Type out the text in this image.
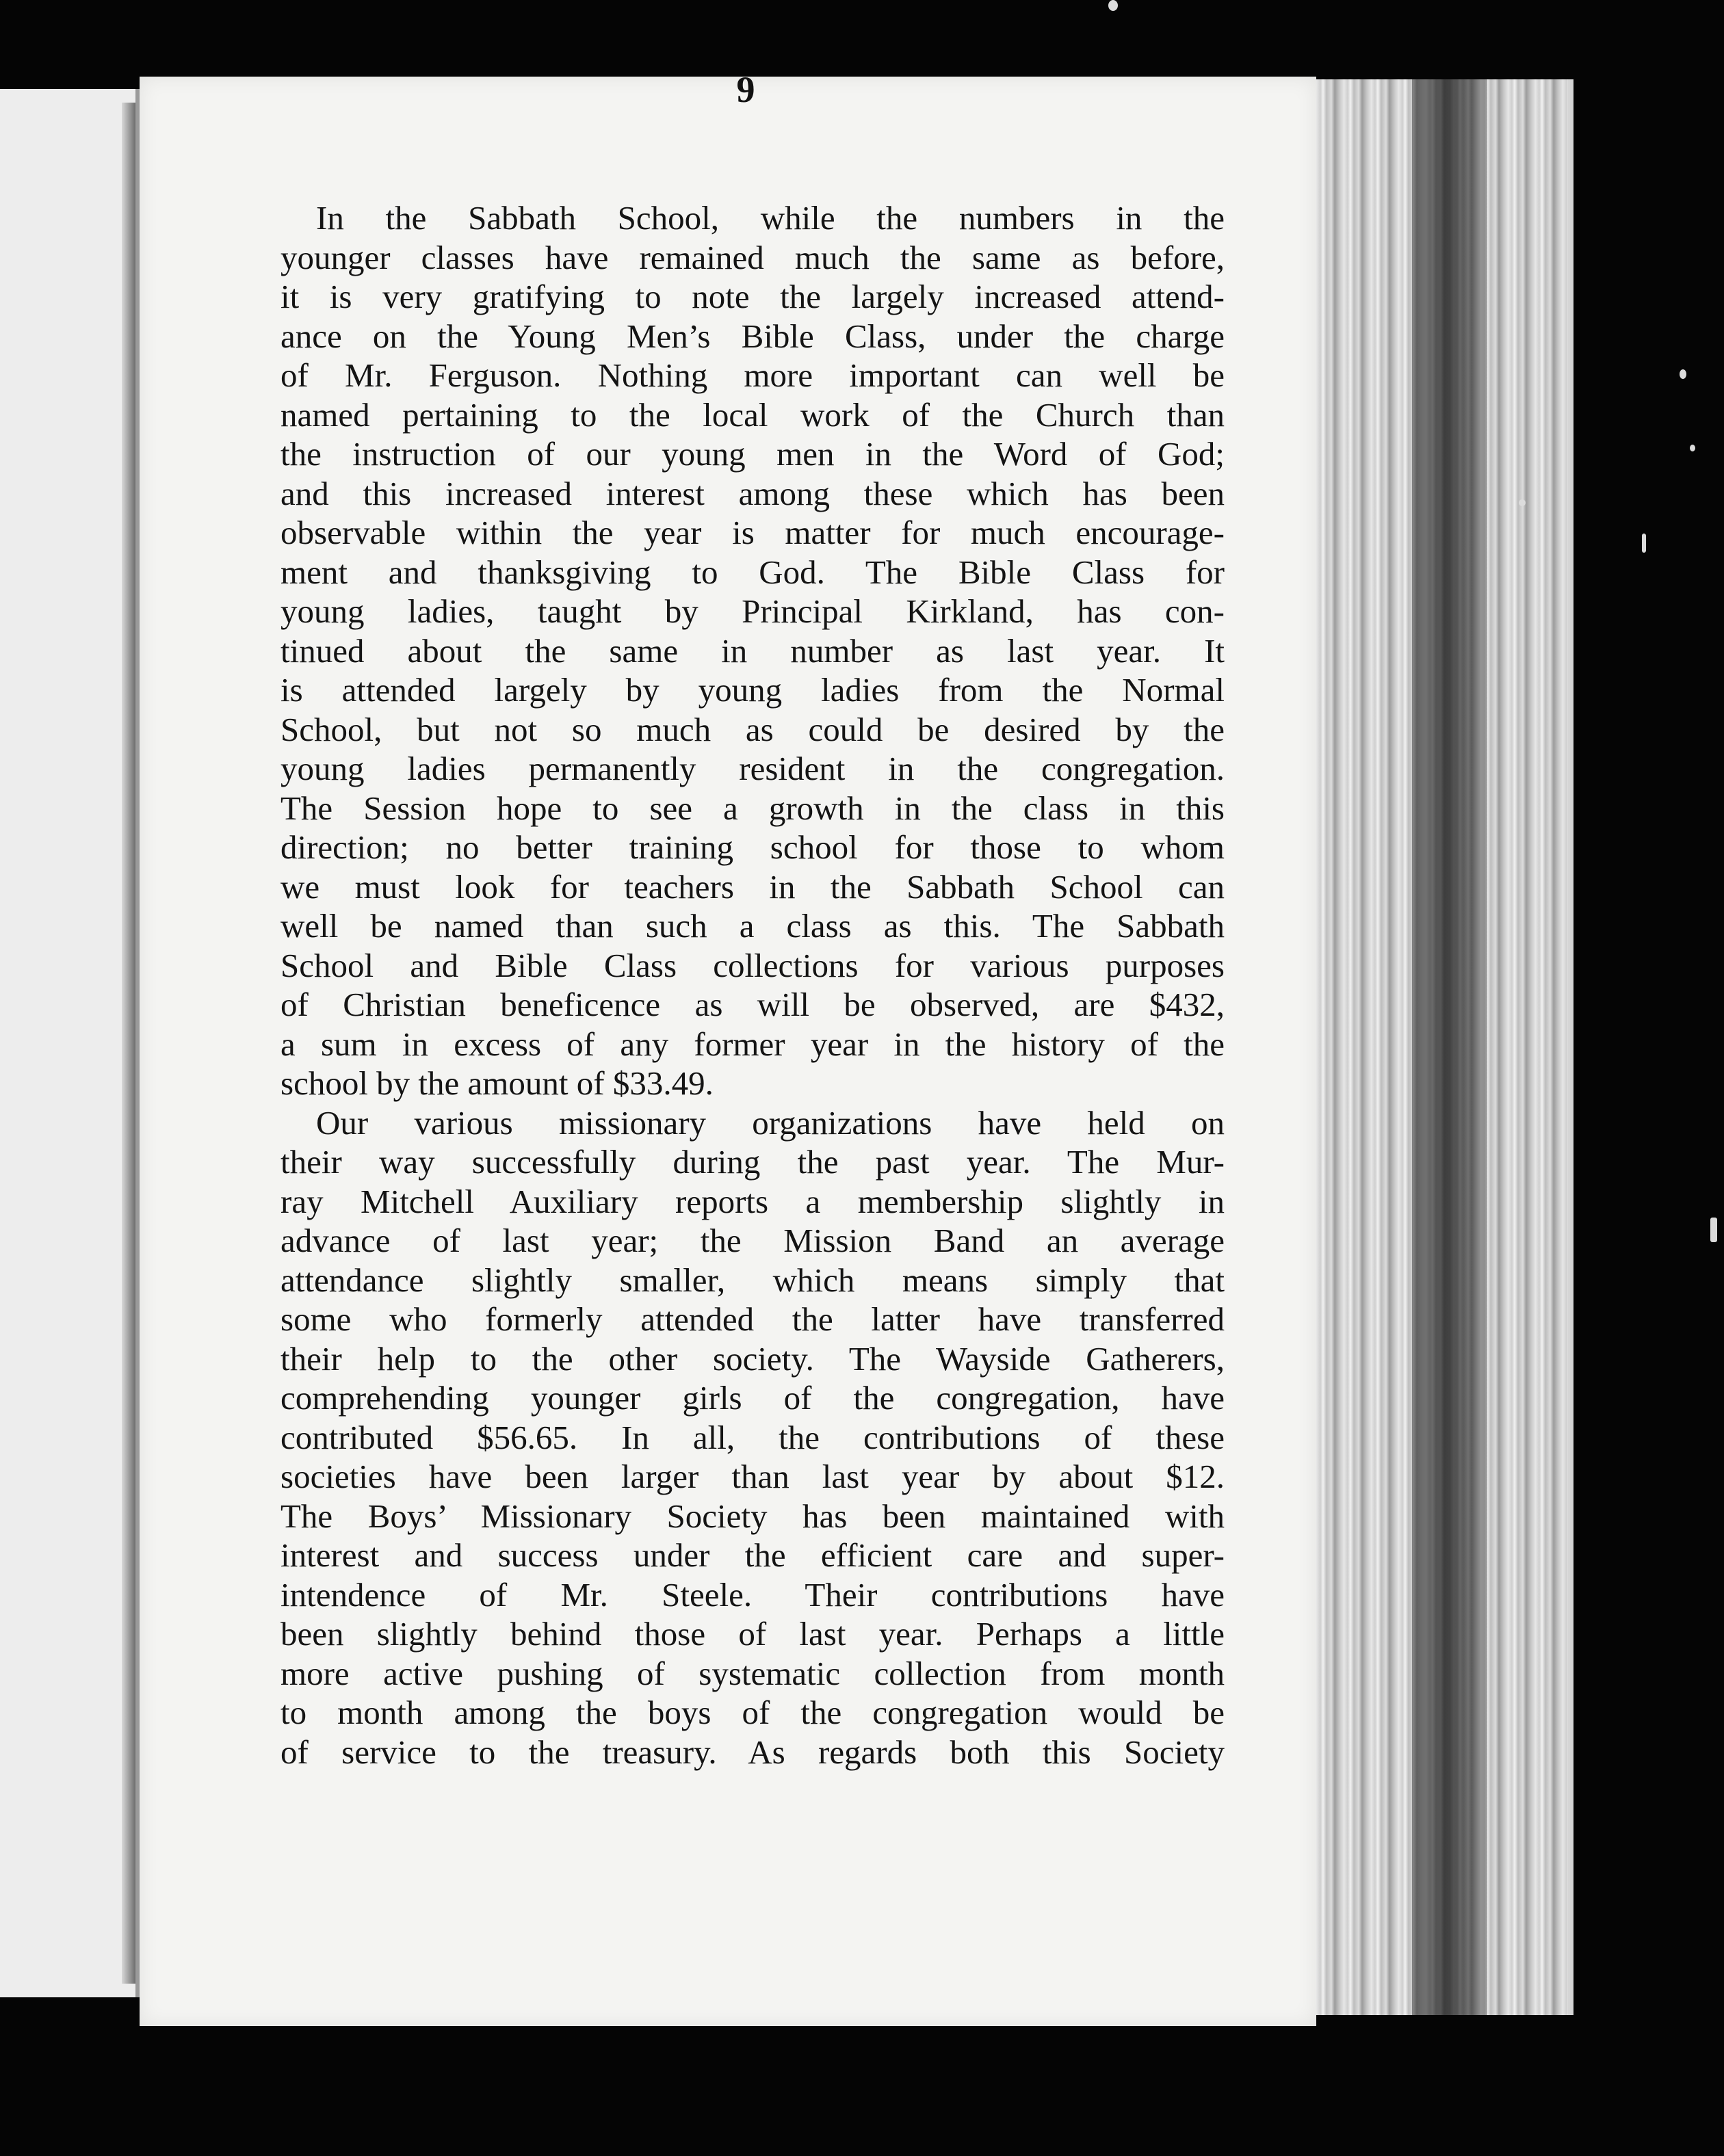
9
In the Sabbath School, while the numbers in the
younger classes have remained much the same as before,
it is very gratifying to note the largely increased attend-
ance on the Young Men’s Bible Class, under the charge
of Mr. Ferguson. Nothing more important can well be
named pertaining to the local work of the Church than
the instruction of our young men in the Word of God;
and this increased interest among these which has been
observable within the year is matter for much encourage-
ment and thanksgiving to God. The Bible Class for
young ladies, taught by Principal Kirkland, has con-
tinued about the same in number as last year. It
is attended largely by young ladies from the Normal
School, but not so much as could be desired by the
young ladies permanently resident in the congregation.
The Session hope to see a growth in the class in this
direction; no better training school for those to whom
we must look for teachers in the Sabbath School can
well be named than such a class as this. The Sabbath
School and Bible Class collections for various purposes
of Christian beneficence as will be observed, are $432,
a sum in excess of any former year in the history of the
school by the amount of $33.49.
Our various missionary organizations have held on
their way successfully during the past year. The Mur-
ray Mitchell Auxiliary reports a membership slightly in
advance of last year; the Mission Band an average
attendance slightly smaller, which means simply that
some who formerly attended the latter have transferred
their help to the other society. The Wayside Gatherers,
comprehending younger girls of the congregation, have
contributed $56.65. In all, the contributions of these
societies have been larger than last year by about $12.
The Boys’ Missionary Society has been maintained with
interest and success under the efficient care and super-
intendence of Mr. Steele. Their contributions have
been slightly behind those of last year. Perhaps a little
more active pushing of systematic collection from month
to month among the boys of the congregation would be
of service to the treasury. As regards both this Society
